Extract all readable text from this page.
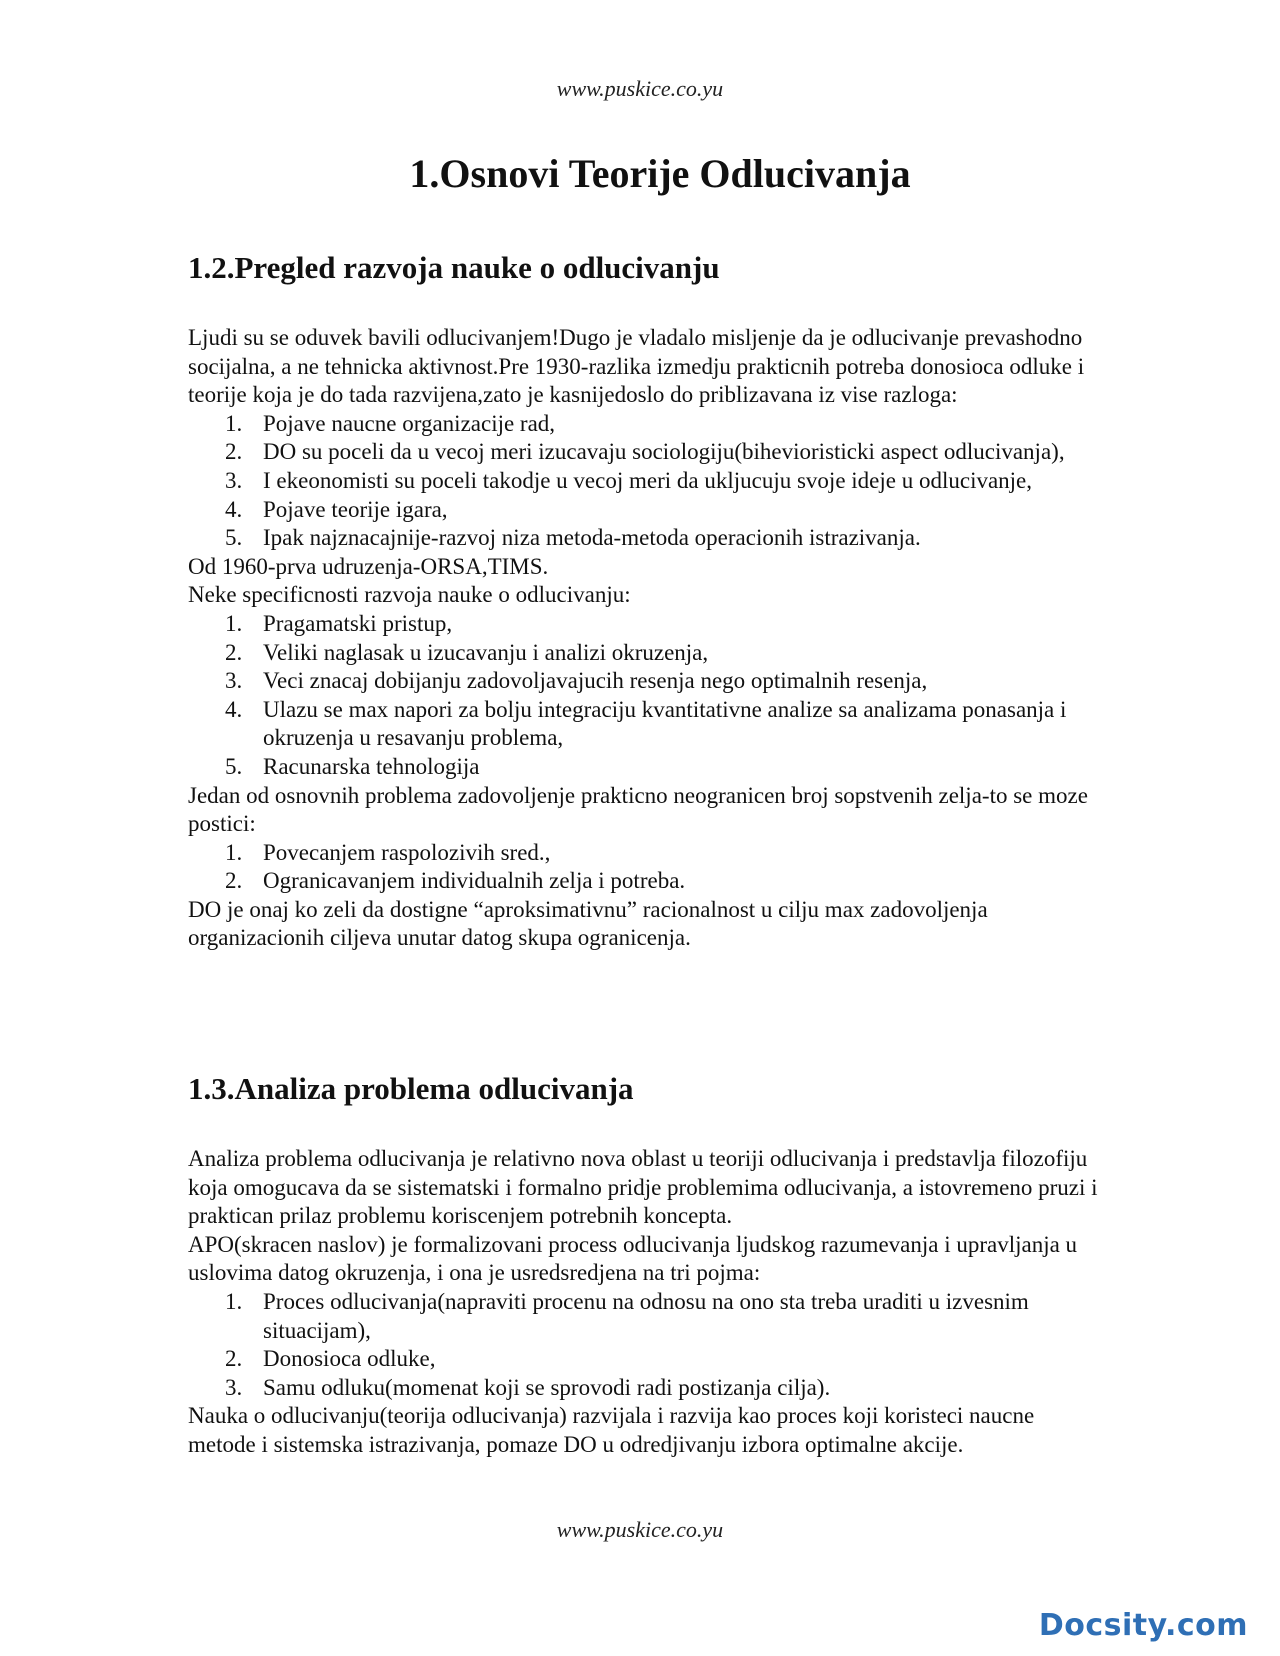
www.puskice.co.yu
1.Osnovi Teorije Odlucivanja
1.2.Pregled razvoja nauke o odlucivanju

Ljudi su se oduvek bavili odlucivanjem!Dugo je vladalo misljenje da je odlucivanje prevashodno socijalna, a ne tehnicka aktivnost.Pre 1930-razlika izmedju prakticnih potreba donosioca odluke i teorije koja je do tada razvijena,zato je kasnijedoslo do priblizavana iz vise razloga:

1. Pojave naucne organizacije rad,
2. DO su poceli da u vecoj meri izucavaju sociologiju(bihevioristicki aspect odlucivanja),
3. I ekeonomisti su poceli takodje u vecoj meri da ukljucuju svoje ideje u odlucivanje,
4. Pojave teorije igara,
5. Ipak najznacajnije-razvoj niza metoda-metoda operacionih istrazivanja.

Od 1960-prva udruzenja-ORSA,TIMS.

Neke specificnosti razvoja nauke o odlucivanju:

1. Pragamatski pristup,
2. Veliki naglasak u izucavanju i analizi okruzenja,
3. Veci znacaj dobijanju zadovoljavajucih resenja nego optimalnih resenja,
4. Ulazu se max napori za bolju integraciju kvantitativne analize sa analizama ponasanja i okruzenja u resavanju problema,
5. Racunarska tehnologija

Jedan od osnovnih problema zadovoljenje prakticno neogranicen broj sopstvenih zelja-to se moze postici:

1. Povecanjem raspolozivih sred.,
2. Ogranicavanjem individualnih zelja i potreba.

DO je onaj ko zeli da dostigne “aproksimativnu” racionalnost u cilju max zadovoljenja organizacionih ciljeva unutar datog skupa ogranicenja.

1.3.Analiza problema odlucivanja

Analiza problema odlucivanja je relativno nova oblast u teoriji odlucivanja i predstavlja filozofiju koja omogucava da se sistematski i formalno pridje problemima odlucivanja, a istovremeno pruzi i praktican prilaz problemu koriscenjem potrebnih koncepta.

APO(skracen naslov) je formalizovani process odlucivanja ljudskog razumevanja i upravljanja u uslovima datog okruzenja, i ona je usredsredjena na tri pojma:

1. Proces odlucivanja(napraviti procenu na odnosu na ono sta treba uraditi u izvesnim situacijam),
2. Donosioca odluke,
3. Samu odluku(momenat koji se sprovodi radi postizanja cilja).

Nauka o odlucivanju(teorija odlucivanja) razvijala i razvija kao proces koji koristeci naucne metode i sistemska istrazivanja, pomaze DO u odredjivanju izbora optimalne akcije.

www.puskice.co.yu
Docsity.com
